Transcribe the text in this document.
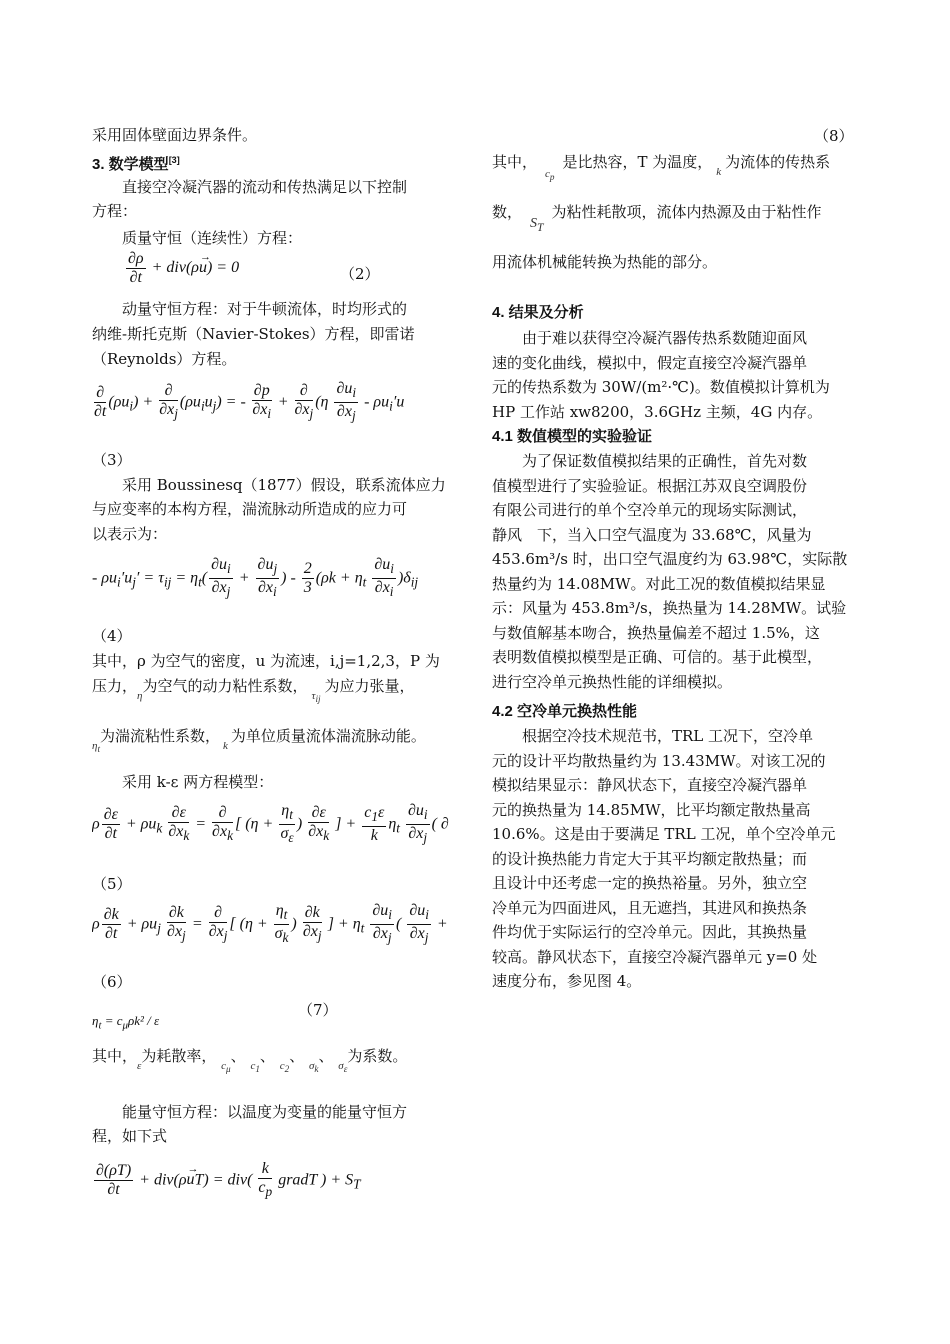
采用固体壁面边界条件。
3. 数学模型[3]
直接空冷凝汽器的流动和传热满足以下控制
方程：
质量守恒（连续性）方程：
$\frac{\partial\rho}{\partial t} + div(\rho u$
→
) = 0	（2）
动量守恒方程：对于牛顿流体，时均形式的
纳维-斯托克斯（Navier-Stokes）方程，即雷诺
（Reynolds）方程。
$\frac{\partial}{\partial t} (\rho u_i) + \frac{\partial}{\partial x_j} (\rho u_iu_j)$ = - $\frac{\partial p}{\partial x_i} + \frac{\partial}{\partial x_j} (\eta \frac{\partial u_i}{\partial x_j} - \rho u_i'u$
（3）
采用 Boussinesq（1877）假设，联系流体应力
与应变率的本构方程，湍流脉动所造成的应力可
以表示为：
- $\rho u_i'u_j' = \tau_{ij} = \eta_t( \frac{\partial u_i}{\partial x_j} + \frac{\partial u_j}{\partial x_i}$ ) - $\frac{2}{3} (\rho k + \eta_t \frac{\partial u_i}{\partial x_i} )\delta_{ij}$
（4）
其中，ρ 为空气的密度，u 为流速，i,j=1,2,3，P 为
压力，$_\eta$为空气的动力粘性系数，$_{\tau_{ij}}$为应力张量，
$_{\eta_t}$为湍流粘性系数，$_k$为单位质量流体湍流脉动能。
采用 k-ε 两方程模型：
ρ $\frac{\partial\varepsilon}{\partial t} + \rho u_k \frac{\partial\varepsilon}{\partial x_k} = \frac{\partial}{\partial x_k}$ [ ($\eta + \frac{\eta_t}{\sigma_\varepsilon}$ ) $\frac{\partial\varepsilon}{\partial x_k}$ ] + $\frac{c_1\varepsilon}{k} \eta_t \frac{\partial u_i}{\partial x_j}$ ( ∂
（5）
ρ $\frac{\partial k}{\partial t} + \rho u_j \frac{\partial k}{\partial x_j} = \frac{\partial}{\partial x_j}$ [ ($\eta + \frac{\eta_t}{\sigma_k}$ ) $\frac{\partial k}{\partial x_j}$ ] + $\eta_t \frac{\partial u_i}{\partial x_j}$ ( $\frac{\partial u_i}{\partial x_j}$ +
（6）
$\eta_t = c_\mu\rho k^2 / \varepsilon$
（7）
其中，$_\varepsilon$为耗散率， $_{c_\mu}$、 $_{c_1}$、 $_{c_2}$、 $_{\sigma_k}$、 $_{\sigma_\varepsilon}$为系数。
能量守恒方程：以温度为变量的能量守恒方
程，如下式
$\frac{\partial(\rho T)}{\partial t} + div(\rho u$
→
$T) = div( \frac{k}{c_p}$ gradT ) + $S_T$
（8）
其中，$_{c_p}$是比热容，T 为温度，$_k$为流体的传热系
数，$S_T$为粘性耗散项，流体内热源及由于粘性作
用流体机械能转换为热能的部分。
4. 结果及分析
由于难以获得空冷凝汽器传热系数随迎面风
速的变化曲线，模拟中，假定直接空冷凝汽器单
元的传热系数为 30W/(m²·℃)。数值模拟计算机为
HP 工作站 xw8200，3.6GHz 主频，4G 内存。
4.1 数值模型的实验验证
为了保证数值模拟结果的正确性，首先对数
值模型进行了实验验证。根据江苏双良空调股份
有限公司进行的单个空冷单元的现场实际测试，
静风　下，当入口空气温度为 33.68℃，风量为
453.6m³/s 时，出口空气温度约为 63.98℃，实际散
热量约为 14.08MW。对此工况的数值模拟结果显
示：风量为 453.8m³/s，换热量为 14.28MW。试验
与数值解基本吻合，换热量偏差不超过 1.5%，这
表明数值模拟模型是正确、可信的。基于此模型，
进行空冷单元换热性能的详细模拟。
4.2 空冷单元换热性能
根据空冷技术规范书，TRL 工况下，空冷单
元的设计平均散热量约为 13.43MW。对该工况的
模拟结果显示：静风状态下，直接空冷凝汽器单
元的换热量为 14.85MW，比平均额定散热量高
10.6%。这是由于要满足 TRL 工况，单个空冷单元
的设计换热能力肯定大于其平均额定散热量；而
且设计中还考虑一定的换热裕量。另外，独立空
冷单元为四面进风，且无遮挡，其进风和换热条
件均优于实际运行的空冷单元。因此，其换热量
较高。静风状态下，直接空冷凝汽器单元 y=0 处
速度分布，参见图 4。
